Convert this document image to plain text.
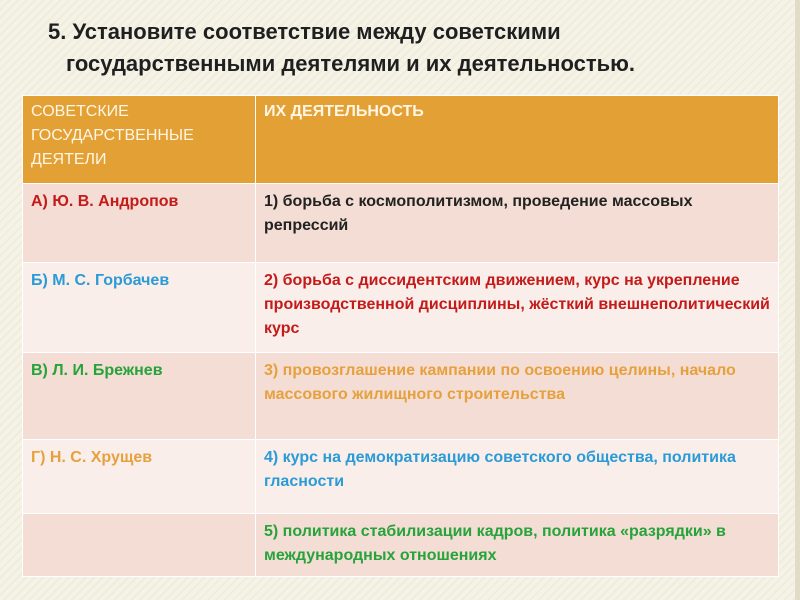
5. Установите соответствие между советскими
государственными деятелями и их деятельностью.
СОВЕТСКИЕ ГОСУДАРСТВЕННЫЕ ДЕЯТЕЛИ	ИХ ДЕЯТЕЛЬНОСТЬ
А) Ю. В. Андропов	1) борьба с космополитизмом, проведение массовых репрессий
Б) М. С. Горбачев	2) борьба с диссидентским движением, курс на укрепление производственной дисциплины, жёсткий внешнеполитический курс
В) Л. И. Брежнев	3) провозглашение кампании по освоению целины, начало массового жилищного строительства
Г) Н. С. Хрущев	4) курс на демократизацию советского общества, политика гласности
	5) политика стабилизации кадров, политика «разрядки» в международных отношениях
